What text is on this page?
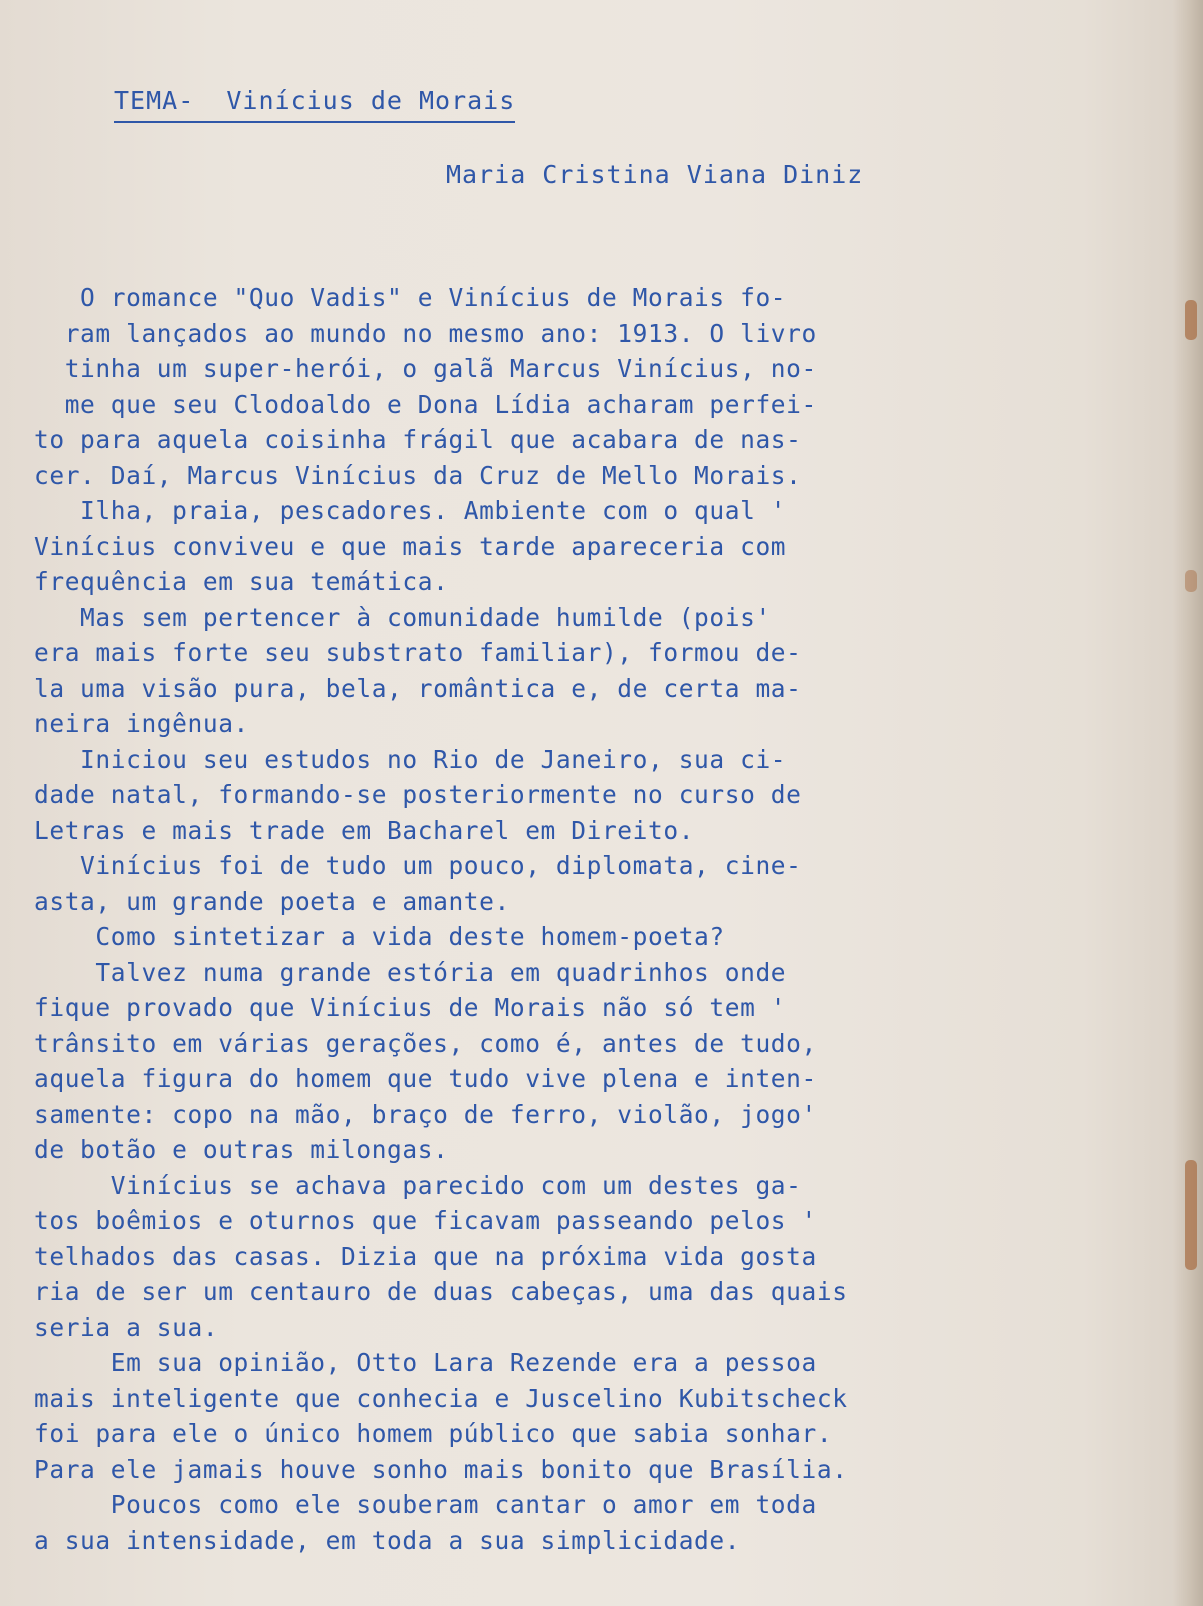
TEMA-  Vinícius de Morais
Maria Cristina Viana Diniz
O romance "Quo Vadis" e Vinícius de Morais fo-
ram lançados ao mundo no mesmo ano: 1913. O livro
tinha um super-herói, o galã Marcus Vinícius, no-
me que seu Clodoaldo e Dona Lídia acharam perfei-
to para aquela coisinha frágil que acabara de nas-
cer. Daí, Marcus Vinícius da Cruz de Mello Morais.
Ilha, praia, pescadores. Ambiente com o qual '
Vinícius conviveu e que mais tarde apareceria com
frequência em sua temática.
Mas sem pertencer à comunidade humilde (pois'
era mais forte seu substrato familiar), formou de-
la uma visão pura, bela, romântica e, de certa ma-
neira ingênua.
Iniciou seu estudos no Rio de Janeiro, sua ci-
dade natal, formando-se posteriormente no curso de
Letras e mais trade em Bacharel em Direito.
Vinícius foi de tudo um pouco, diplomata, cine-
asta, um grande poeta e amante.
Como sintetizar a vida deste homem-poeta?
Talvez numa grande estória em quadrinhos onde
fique provado que Vinícius de Morais não só tem '
trânsito em várias gerações, como é, antes de tudo,
aquela figura do homem que tudo vive plena e inten-
samente: copo na mão, braço de ferro, violão, jogo'
de botão e outras milongas.
Vinícius se achava parecido com um destes ga-
tos boêmios e oturnos que ficavam passeando pelos '
telhados das casas. Dizia que na próxima vida gosta
ria de ser um centauro de duas cabeças, uma das quais
seria a sua.
Em sua opinião, Otto Lara Rezende era a pessoa
mais inteligente que conhecia e Juscelino Kubitscheck
foi para ele o único homem público que sabia sonhar.
Para ele jamais houve sonho mais bonito que Brasília.
Poucos como ele souberam cantar o amor em toda
a sua intensidade, em toda a sua simplicidade.
